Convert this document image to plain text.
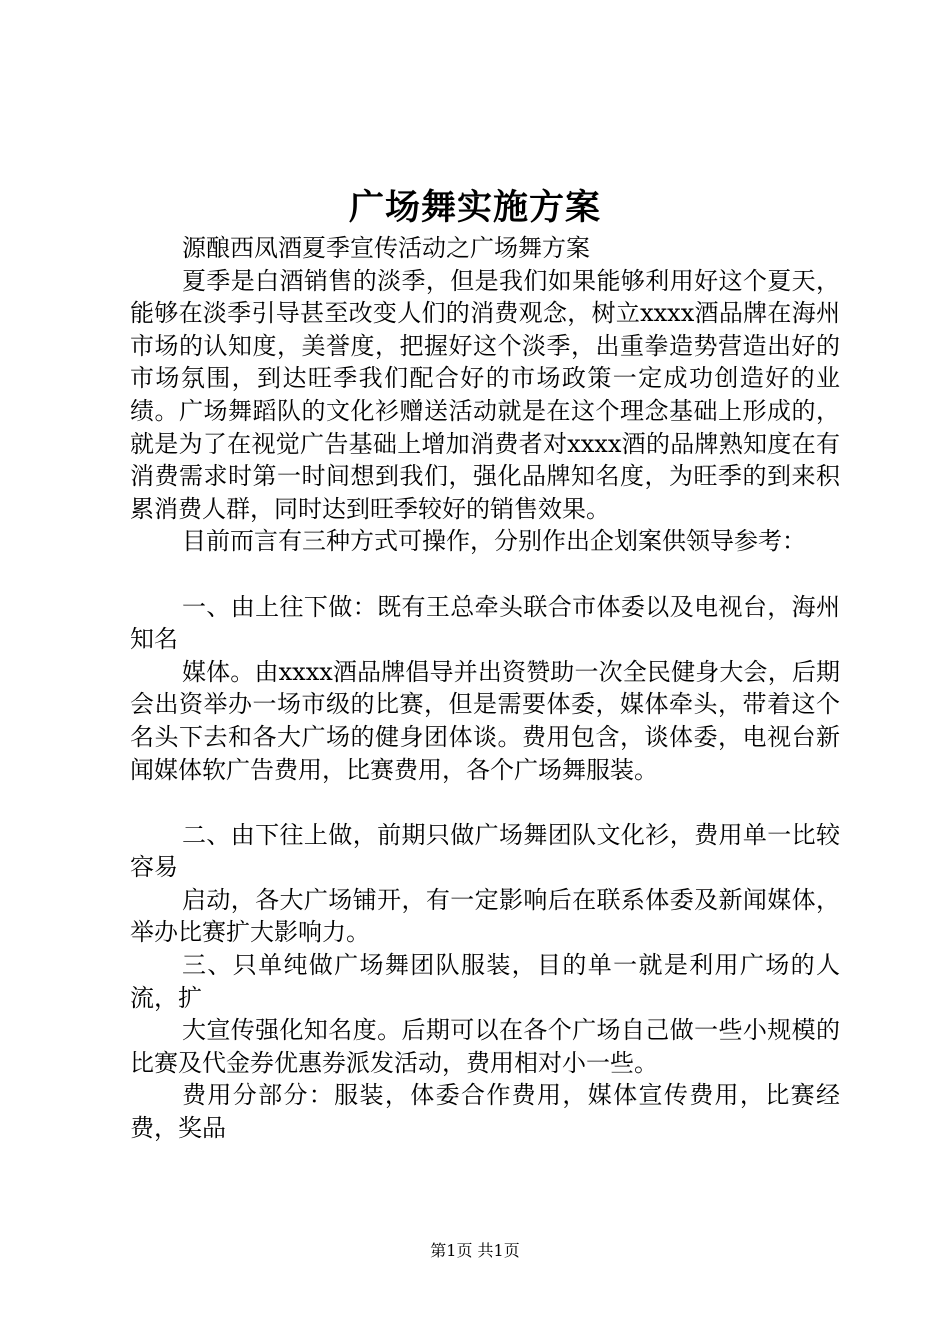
广场舞实施方案

源酿西凤酒夏季宣传活动之广场舞方案

夏季是白酒销售的淡季，但是我们如果能够利用好这个夏天，能够在淡季引导甚至改变人们的消费观念，树立xxxx酒品牌在海州市场的认知度，美誉度，把握好这个淡季，出重拳造势营造出好的市场氛围，到达旺季我们配合好的市场政策一定成功创造好的业绩。广场舞蹈队的文化衫赠送活动就是在这个理念基础上形成的，就是为了在视觉广告基础上增加消费者对xxxx酒的品牌熟知度在有消费需求时第一时间想到我们，强化品牌知名度，为旺季的到来积累消费人群，同时达到旺季较好的销售效果。

目前而言有三种方式可操作，分别作出企划案供领导参考：

一、由上往下做：既有王总牵头联合市体委以及电视台，海州知名

媒体。由xxxx酒品牌倡导并出资赞助一次全民健身大会，后期会出资举办一场市级的比赛，但是需要体委，媒体牵头，带着这个名头下去和各大广场的健身团体谈。费用包含，谈体委，电视台新闻媒体软广告费用，比赛费用，各个广场舞服装。

二、由下往上做，前期只做广场舞团队文化衫，费用单一比较容易

启动，各大广场铺开，有一定影响后在联系体委及新闻媒体，举办比赛扩大影响力。

三、只单纯做广场舞团队服装，目的单一就是利用广场的人流，扩

大宣传强化知名度。后期可以在各个广场自己做一些小规模的比赛及代金券优惠券派发活动，费用相对小一些。

费用分部分：服装，体委合作费用，媒体宣传费用，比赛经费，奖品

第1页 共1页
